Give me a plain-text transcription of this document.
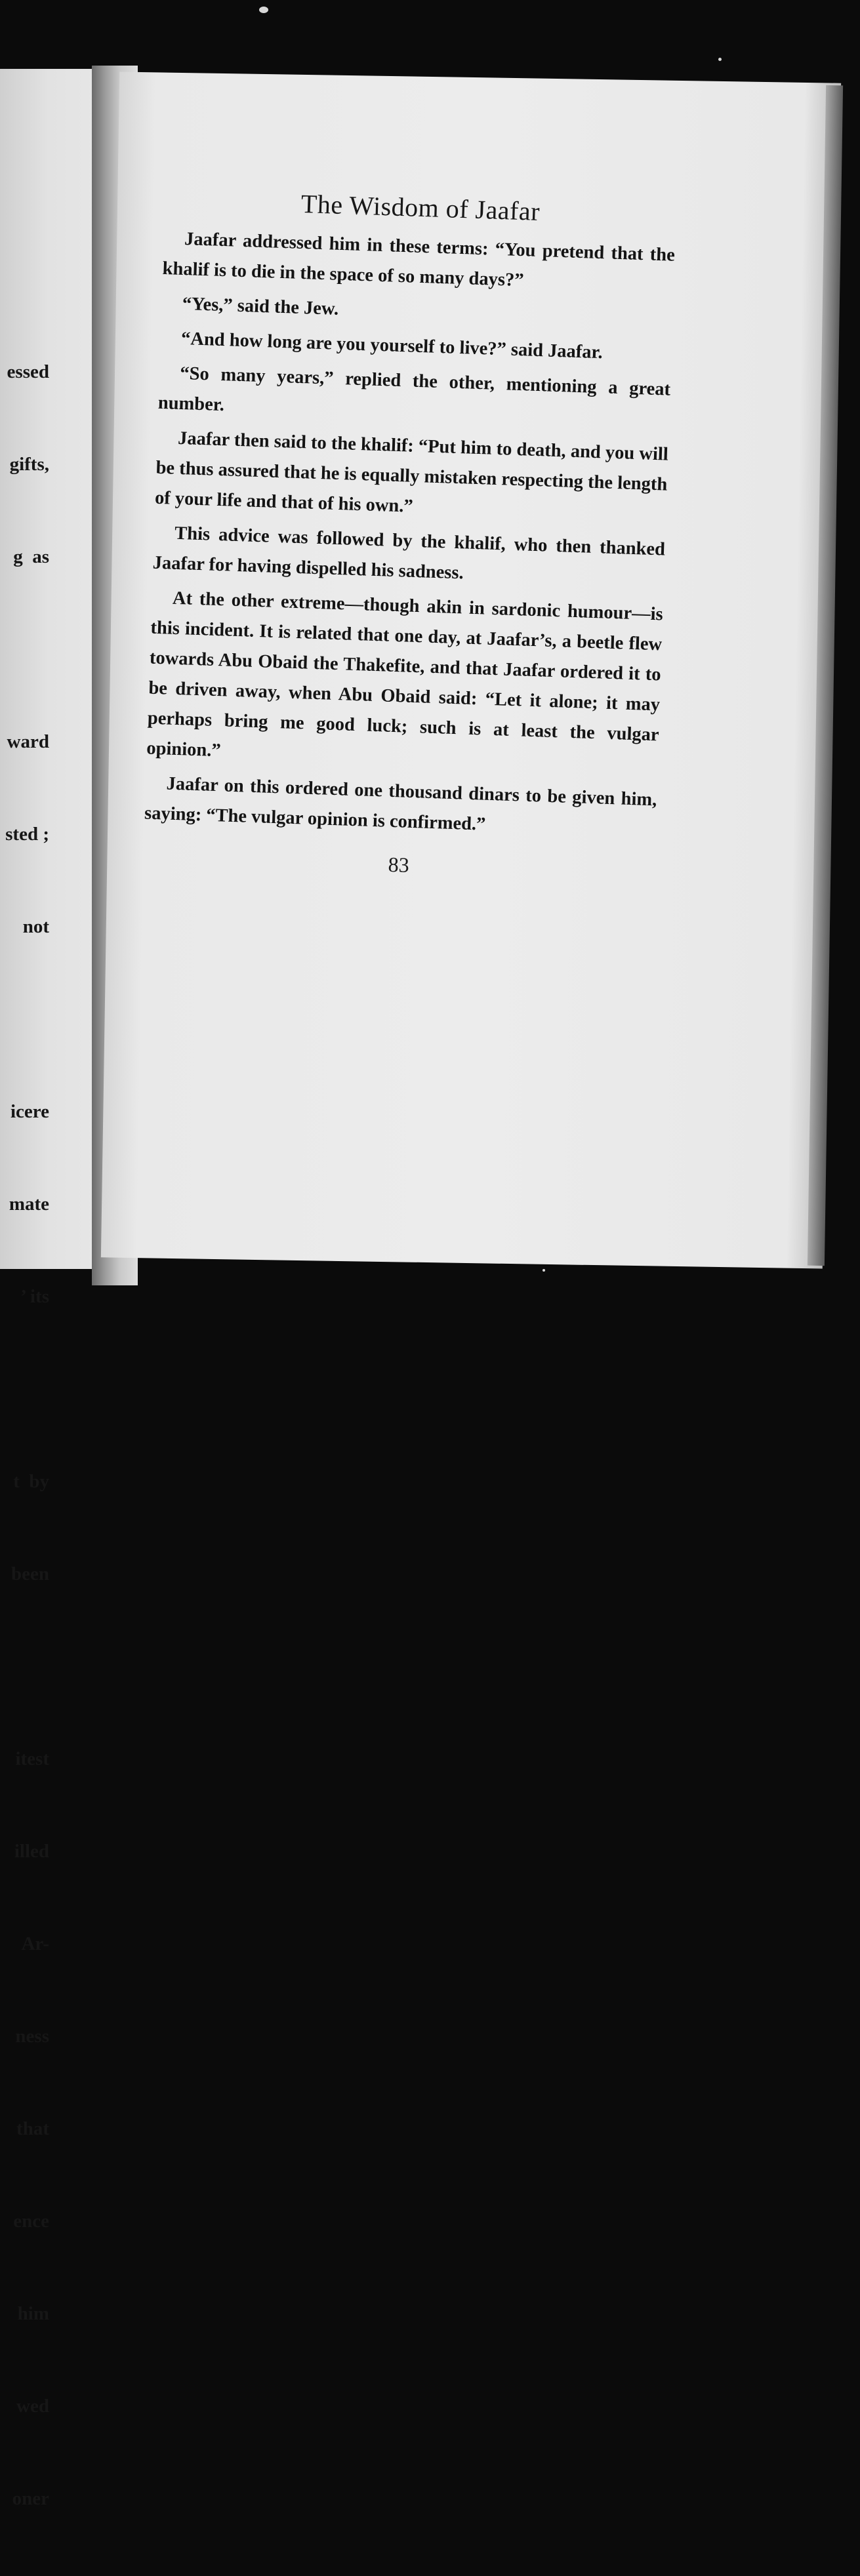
essed

gifts,

g  as

ward

sted ;

not

icere

mate

’ its

t  by

been

itest

illed

Ar-

ness

that

ence

him

wed

oner

The Wisdom of Jaafar

Jaafar addressed him in these terms: “You pretend that the khalif is to die in the space of so many days?”

“Yes,” said the Jew.

“And how long are you yourself to live?” said Jaafar.

“So many years,” replied the other, mentioning a great number.

Jaafar then said to the khalif: “Put him to death, and you will be thus assured that he is equally mistaken respecting the length of your life and that of his own.”

This advice was followed by the khalif, who then thanked Jaafar for having dispelled his sadness.

At the other extreme—though akin in sardonic humour—is this incident. It is related that one day, at Jaafar’s, a beetle flew towards Abu Obaid the Thakefite, and that Jaafar ordered it to be driven away, when Abu Obaid said: “Let it alone; it may perhaps bring me good luck; such is at least the vulgar opinion.”

Jaafar on this ordered one thousand dinars to be given him, saying: “The vulgar opinion is confirmed.”

83
